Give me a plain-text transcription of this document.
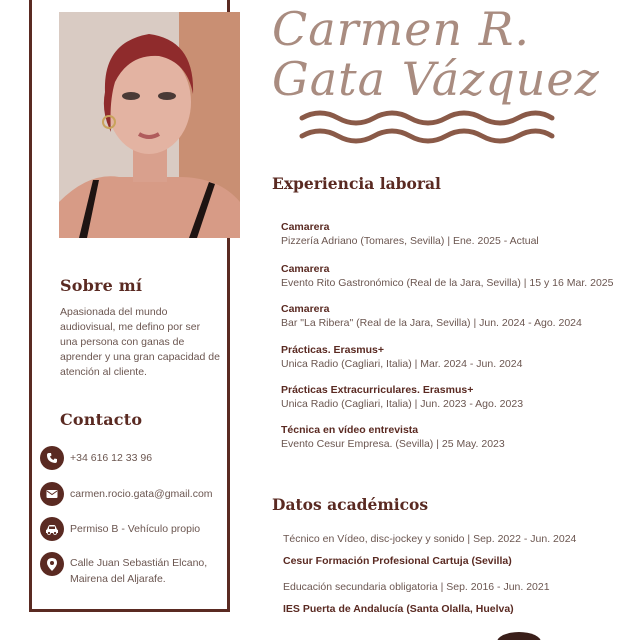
Sobre mí
Apasionada del mundo audiovisual, me defino por ser una persona con ganas de aprender y una gran capacidad de atención al cliente.
Contacto
+34 616 12 33 96
carmen.rocio.gata@gmail.com
Permiso B - Vehículo propio
Calle Juan Sebastián Elcano, Mairena del Aljarafe.
Carmen R.
Gata Vázquez
Experiencia laboral
Camarera
Pizzería Adriano (Tomares, Sevilla) | Ene. 2025 - Actual
Camarera
Evento Rito Gastronómico (Real de la Jara, Sevilla) | 15 y 16 Mar. 2025
Camarera
Bar "La Ribera" (Real de la Jara, Sevilla) | Jun. 2024 - Ago. 2024
Prácticas. Erasmus+
Unica Radio (Cagliari, Italia) | Mar. 2024 - Jun. 2024
Prácticas Extracurriculares. Erasmus+
Unica Radio (Cagliari, Italia) | Jun. 2023 - Ago. 2023
Técnica en vídeo entrevista
Evento Cesur Empresa. (Sevilla) | 25 May. 2023
Datos académicos
Técnico en Vídeo, disc-jockey y sonido | Sep. 2022 - Jun. 2024
Cesur Formación Profesional Cartuja (Sevilla)
Educación secundaria obligatoria | Sep. 2016 - Jun. 2021
IES Puerta de Andalucía (Santa Olalla, Huelva)
